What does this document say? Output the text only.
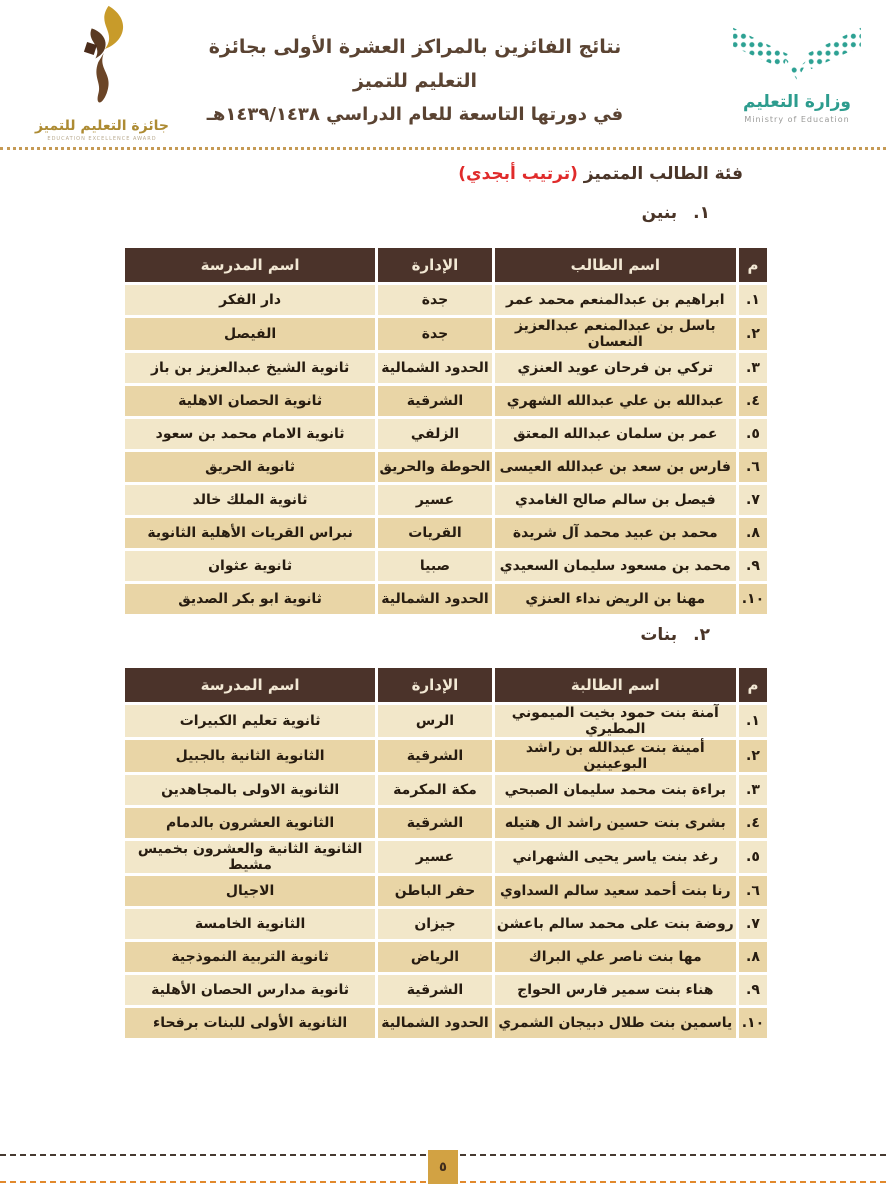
جائزة التعليم للتميز
EDUCATION EXCELLENCE AWARD
نتائج الفائزين بالمراكز العشرة الأولى بجائزة التعليم للتميز
في دورتها التاسعة للعام الدراسي ١٤٣٩/١٤٣٨هـ
وزارة التعليم
Ministry of Education
فئة الطالب المتميز (ترتيب أبجدي)
١.بنين
م	اسم الطالب	الإدارة	اسم المدرسة
١.	ابراهيم بن عبدالمنعم محمد عمر	جدة	دار الفكر
٢.	باسل بن عبدالمنعم عبدالعزيز النعسان	جدة	الفيصل
٣.	تركي بن فرحان عويد العنزي	الحدود الشمالية	ثانوية الشيخ عبدالعزيز بن باز
٤.	عبدالله بن علي عبدالله الشهري	الشرقية	ثانوية الحصان الاهلية
٥.	عمر بن سلمان عبدالله المعتق	الزلفي	ثانوية الامام محمد بن سعود
٦.	فارس بن سعد بن عبدالله العيسى	الحوطة والحريق	ثانوية الحريق
٧.	فيصل بن سالم صالح الغامدي	عسير	ثانوية الملك خالد
٨.	محمد بن عبيد محمد آل شريدة	القريات	نبراس القريات الأهلية الثانوية
٩.	محمد بن مسعود سليمان السعيدي	صبيا	ثانوية عثوان
١٠.	مهنا بن الريض نداء العنزي	الحدود الشمالية	ثانوية ابو بكر الصديق
٢.بنات
م	اسم الطالبة	الإدارة	اسم المدرسة
١.	آمنة بنت حمود بخيت الميموني المطيري	الرس	ثانوية تعليم الكبيرات
٢.	أمينة بنت عبدالله بن راشد البوعينين	الشرقية	الثانوية الثانية بالجبيل
٣.	براءة بنت محمد سليمان الصبحي	مكة المكرمة	الثانوية الاولى بالمجاهدين
٤.	بشرى بنت حسين راشد ال هتيله	الشرقية	الثانوية العشرون بالدمام
٥.	رغد بنت ياسر يحيى الشهراني	عسير	الثانوية الثانية والعشرون بخميس مشيط
٦.	رنا بنت أحمد سعيد سالم السداوي	حفر الباطن	الاجيال
٧.	روضة بنت على محمد سالم باعشن	جيزان	الثانوية الخامسة
٨.	مها بنت ناصر علي البراك	الرياض	ثانوية التربية النموذجية
٩.	هناء بنت سمير فارس الحواج	الشرقية	ثانوية مدارس الحصان الأهلية
١٠.	ياسمين بنت طلال دبيجان الشمري	الحدود الشمالية	الثانوية الأولى للبنات برفحاء
٥
